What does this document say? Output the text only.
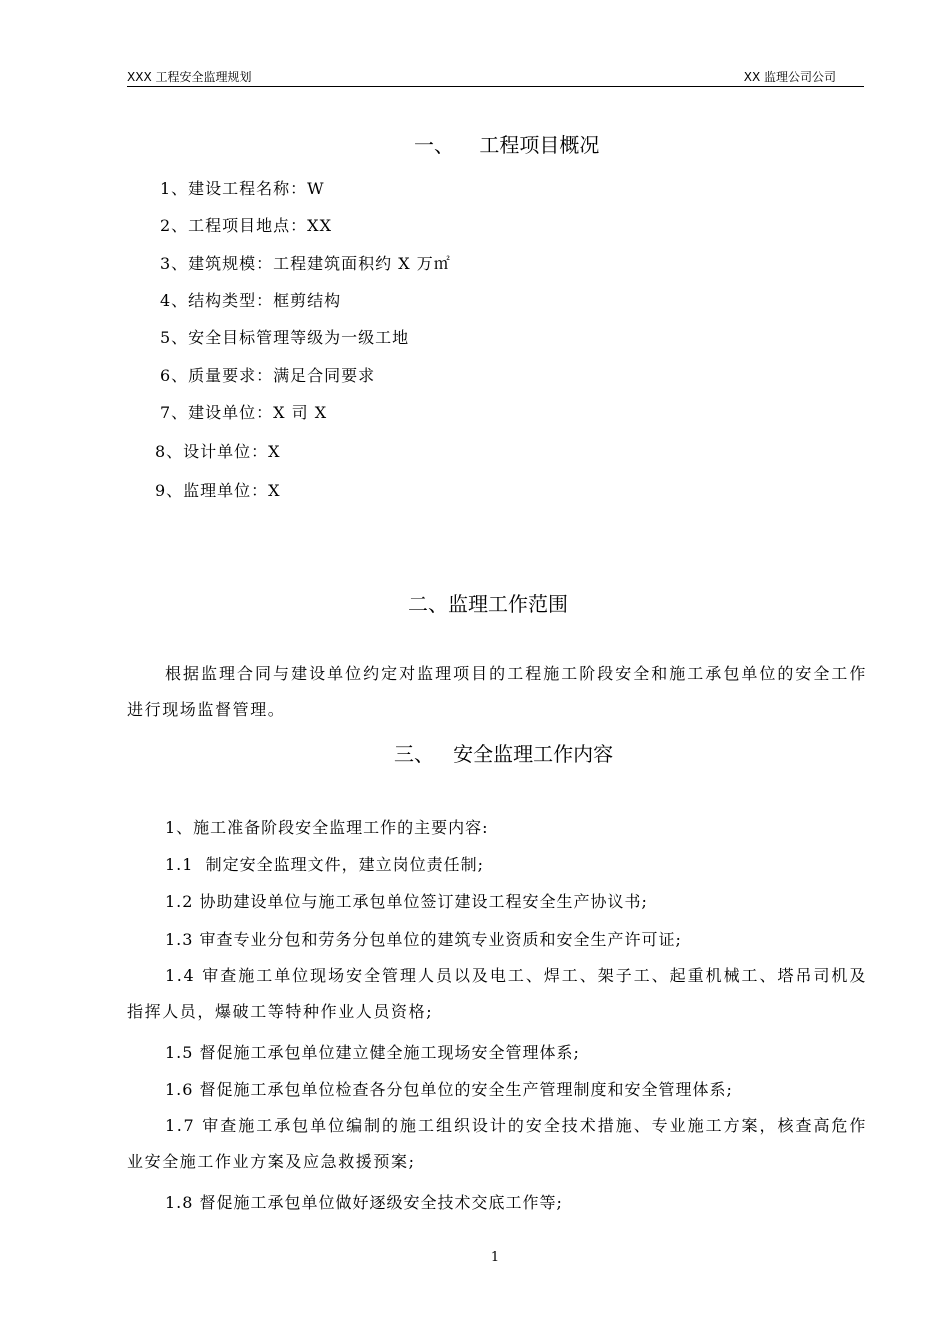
XXX 工程安全监理规划	XX 监理公司公司
一、    工程项目概况
1、建设工程名称：W
2、工程项目地点：XX
3、建筑规模：工程建筑面积约 X 万㎡
4、结构类型：框剪结构
5、安全目标管理等级为一级工地
6、质量要求：满足合同要求
7、建设单位：X 司 X
8、设计单位：X
9、监理单位：X
二、监理工作范围
根据监理合同与建设单位约定对监理项目的工程施工阶段安全和施工承包单位的安全工作进行现场监督管理。
三、   安全监理工作内容
1、施工准备阶段安全监理工作的主要内容:
1.1  制定安全监理文件，建立岗位责任制;
1.2 协助建设单位与施工承包单位签订建设工程安全生产协议书;
1.3 审查专业分包和劳务分包单位的建筑专业资质和安全生产许可证;
1.4 审查施工单位现场安全管理人员以及电工、焊工、架子工、起重机械工、塔吊司机及指挥人员，爆破工等特种作业人员资格;
1.5 督促施工承包单位建立健全施工现场安全管理体系;
1.6 督促施工承包单位检查各分包单位的安全生产管理制度和安全管理体系;
1.7 审查施工承包单位编制的施工组织设计的安全技术措施、专业施工方案，核查高危作业安全施工作业方案及应急救援预案;
1.8 督促施工承包单位做好逐级安全技术交底工作等;
1
